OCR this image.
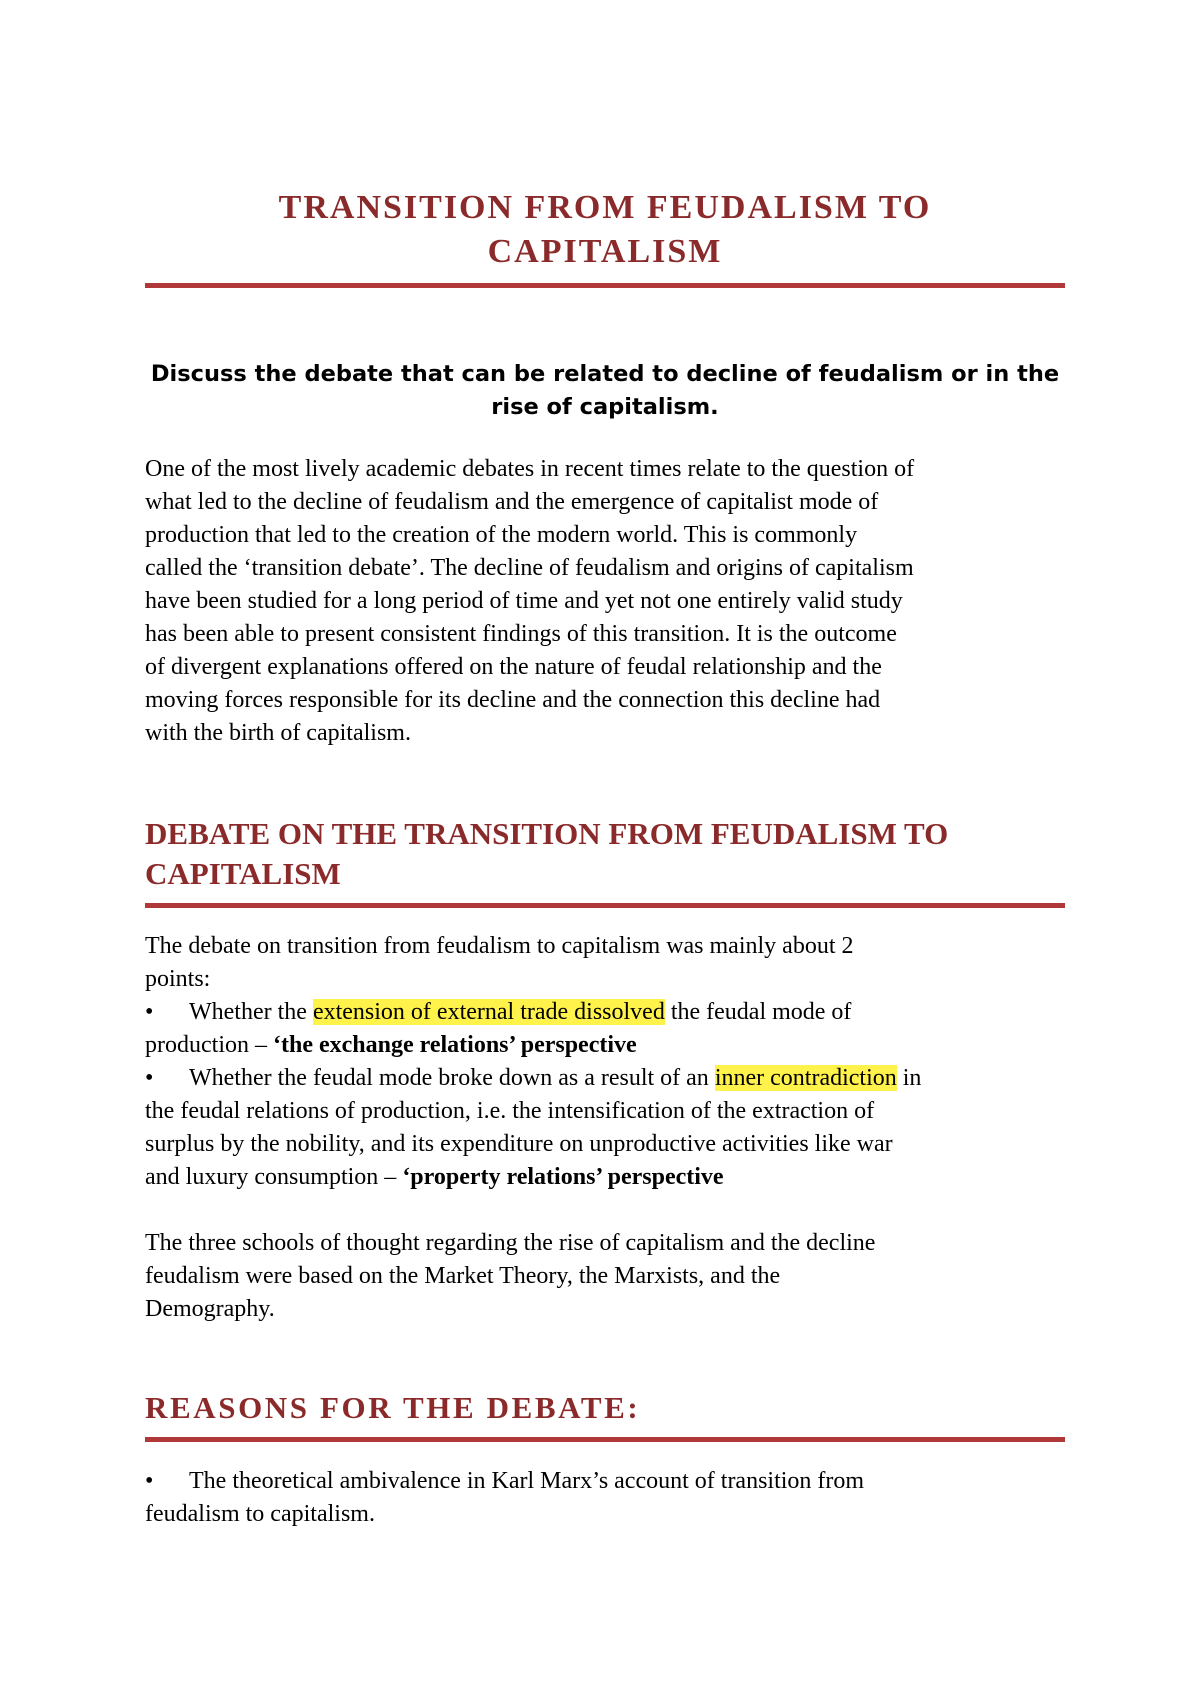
TRANSITION FROM FEUDALISM TO
CAPITALISM
Discuss the debate that can be related to decline of feudalism or in the
rise of capitalism.

One of the most lively academic debates in recent times relate to the question of
what led to the decline of feudalism and the emergence of capitalist mode of
production that led to the creation of the modern world. This is commonly
called the ‘transition debate’. The decline of feudalism and origins of capitalism
have been studied for a long period of time and yet not one entirely valid study
has been able to present consistent findings of this transition. It is the outcome
of divergent explanations offered on the nature of feudal relationship and the
moving forces responsible for its decline and the connection this decline had
with the birth of capitalism.

DEBATE ON THE TRANSITION FROM FEUDALISM TO
CAPITALISM

The debate on transition from feudalism to capitalism was mainly about 2
points:

• Whether the extension of external trade dissolved the feudal mode of
production – ‘the exchange relations’ perspective
• Whether the feudal mode broke down as a result of an inner contradiction in
the feudal relations of production, i.e. the intensification of the extraction of
surplus by the nobility, and its expenditure on unproductive activities like war
and luxury consumption – ‘property relations’ perspective

The three schools of thought regarding the rise of capitalism and the decline
feudalism were based on the Market Theory, the Marxists, and the
Demography.

REASONS FOR THE DEBATE:
• The theoretical ambivalence in Karl Marx’s account of transition from
feudalism to capitalism.
